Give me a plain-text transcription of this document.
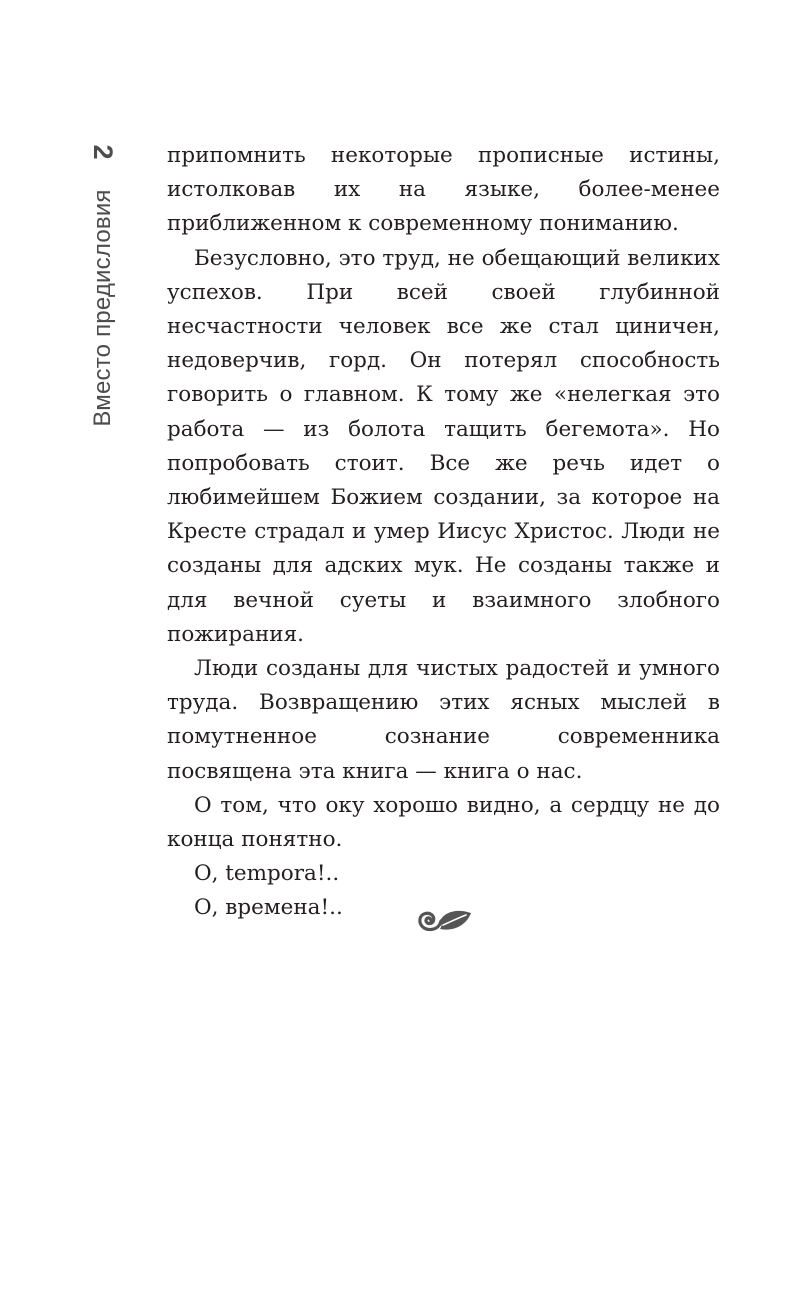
2
Вместо предисловия

припомнить некоторые прописные истины, истолковав их на языке, более-менее приближенном к современному пониманию.

Безусловно, это труд, не обещающий великих успехов. При всей своей глубинной несчастности человек все же стал циничен, недоверчив, горд. Он потерял способность говорить о главном. К тому же «нелегкая это работа — из болота тащить бегемота». Но попробовать стоит. Все же речь идет о любимейшем Божием создании, за которое на Кресте страдал и умер Иисус Христос. Люди не созданы для адских мук. Не созданы также и для вечной суеты и взаимного злобного пожирания.

Люди созданы для чистых радостей и умного труда. Возвращению этих ясных мыслей в помутненное сознание современника посвящена эта книга — книга о нас.

О том, что оку хорошо видно, а сердцу не до конца понятно.

О, tempora!..

О, времена!..
